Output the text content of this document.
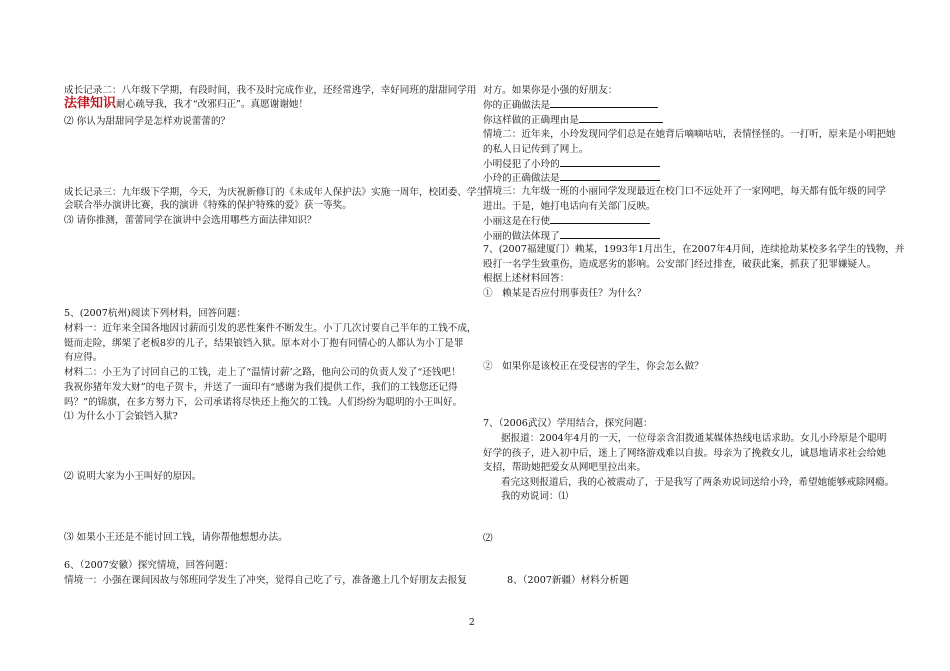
成长记录二：八年级下学期，有段时间，我不及时完成作业，还经常逃学，幸好同班的甜甜同学用
法律知识耐心疏导我，我才“改邪归正”。真愿谢谢她！
⑵ 你认为甜甜同学是怎样劝说蕾蕾的？
成长记录三：九年级下学期，今天，为庆祝新修订的《未成年人保护法》实施一周年，校团委、学生
会联合举办演讲比赛，我的演讲《特殊的保护特殊的爱》获一等奖。
⑶ 请你推测，蕾蕾同学在演讲中会选用哪些方面法律知识？
5、(2007杭州)阅读下列材料，回答问题：
材料一：近年来全国各地因讨薪而引发的恶性案件不断发生。小丁几次讨要自己半年的工钱不成，
铤而走险，绑架了老板8岁的儿子，结果锒铛入狱。原本对小丁抱有同情心的人都认为小丁是罪
有应得。
材料二：小王为了讨回自己的工钱，走上了“温情讨薪’之路，他向公司的负责人发了“还钱吧！
我祝你猪年发大财”的电子贺卡，并送了一面印有“感谢为我们提供工作，我们的工钱您还记得
吗？”的锦旗，在多方努力下，公司承诺将尽快还上拖欠的工钱。人们纷纷为聪明的小王叫好。
⑴ 为什么小丁会锒铛入狱?
⑵ 说明大家为小王叫好的原因。
⑶ 如果小王还是不能讨回工钱，请你帮他想想办法。
6、（2007安徽）探究情境，回答问题：
情境一：小强在课间因故与邻班同学发生了冲突，觉得自己吃了亏，准备邀上几个好朋友去报复
对方。如果你是小强的好朋友：
你的正确做法是
你这样做的正确理由是
情境二：近年来，小玲发现同学们总是在她背后嘀嘀咕咕，表情怪怪的。一打听，原来是小明把她
的私人日记传到了网上。
小明侵犯了小玲的
小玲的正确做法是
情境三：九年级一班的小丽同学发现最近在校门口不远处开了一家网吧，每天都有低年级的同学
进出。于是，她打电话向有关部门反映。
小丽这是在行使
小丽的做法体现了
7、(2007福建厦门）赖某，1993年1月出生，在2007年4月间，连续抢劫某校多名学生的钱物，并
殴打一名学生致重伤，造成恶劣的影响。公安部门经过排查，破获此案，抓获了犯罪嫌疑人。
根据上述材料回答：
①　赖某是否应付刑事责任？为什么？
②　如果你是该校正在受侵害的学生，你会怎么做？
7、（2006武汉）学用结合，探究问题：
据报道：2004年4月的一天，一位母亲含泪拨通某媒体热线电话求助。女儿小玲原是个聪明
好学的孩子，进入初中后，迷上了网络游戏难以自拔。母亲为了挽救女儿，诚恳地请求社会给她
支招，帮助她把爱女从网吧里拉出来。
看完这则报道后，我的心被震动了，于是我写了两条劝说词送给小玲，希望她能够戒除网瘾。
我的劝说词：⑴
⑵
8、（2007新疆）材料分析题
2
